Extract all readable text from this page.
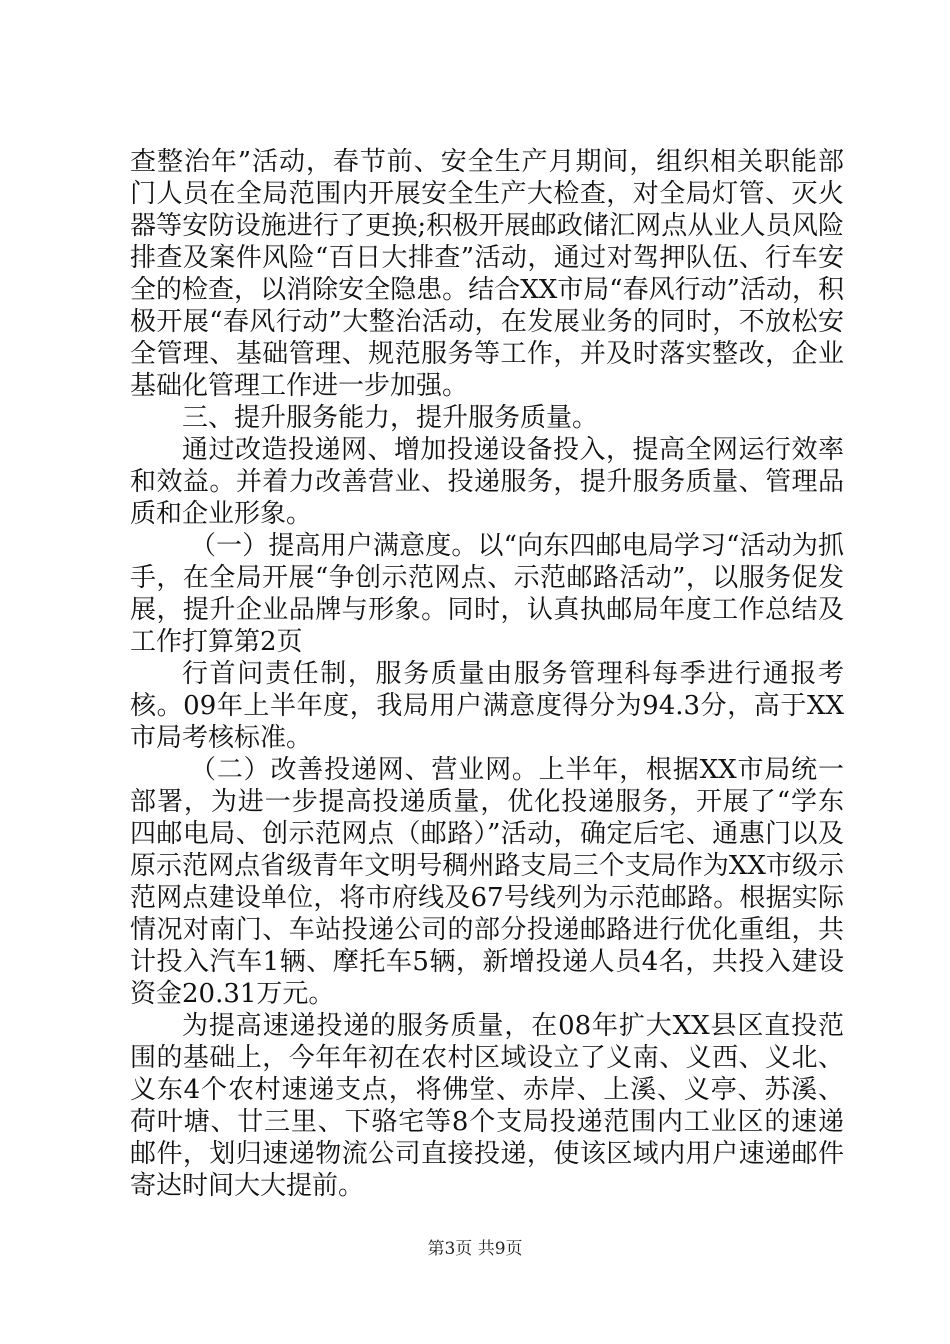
查整治年”活动，春节前、安全生产月期间，组织相关职能部门人员在全局范围内开展安全生产大检查，对全局灯管、灭火器等安防设施进行了更换;积极开展邮政储汇网点从业人员风险排查及案件风险“百日大排查”活动，通过对驾押队伍、行车安全的检查，以消除安全隐患。结合XX市局“春风行动”活动，积极开展“春风行动”大整治活动，在发展业务的同时，不放松安全管理、基础管理、规范服务等工作，并及时落实整改，企业基础化管理工作进一步加强。

三、提升服务能力，提升服务质量。

通过改造投递网、增加投递设备投入，提高全网运行效率和效益。并着力改善营业、投递服务，提升服务质量、管理品质和企业形象。

（一）提高用户满意度。以“向东四邮电局学习“活动为抓手，在全局开展“争创示范网点、示范邮路活动”，以服务促发展，提升企业品牌与形象。同时，认真执邮局年度工作总结及工作打算第2页

行首问责任制，服务质量由服务管理科每季进行通报考核。09年上半年度，我局用户满意度得分为94.3分，高于XX市局考核标准。

（二）改善投递网、营业网。上半年，根据XX市局统一部署，为进一步提高投递质量，优化投递服务，开展了“学东四邮电局、创示范网点（邮路）”活动，确定后宅、通惠门以及原示范网点省级青年文明号稠州路支局三个支局作为XX市级示范网点建设单位，将市府线及67号线列为示范邮路。根据实际情况对南门、车站投递公司的部分投递邮路进行优化重组，共计投入汽车1辆、摩托车5辆，新增投递人员4名，共投入建设资金20.31万元。

为提高速递投递的服务质量，在08年扩大XX县区直投范围的基础上，今年年初在农村区域设立了义南、义西、义北、义东4个农村速递支点，将佛堂、赤岸、上溪、义亭、苏溪、荷叶塘、廿三里、下骆宅等8个支局投递范围内工业区的速递邮件，划归速递物流公司直接投递，使该区域内用户速递邮件寄达时间大大提前。

第3页 共9页
